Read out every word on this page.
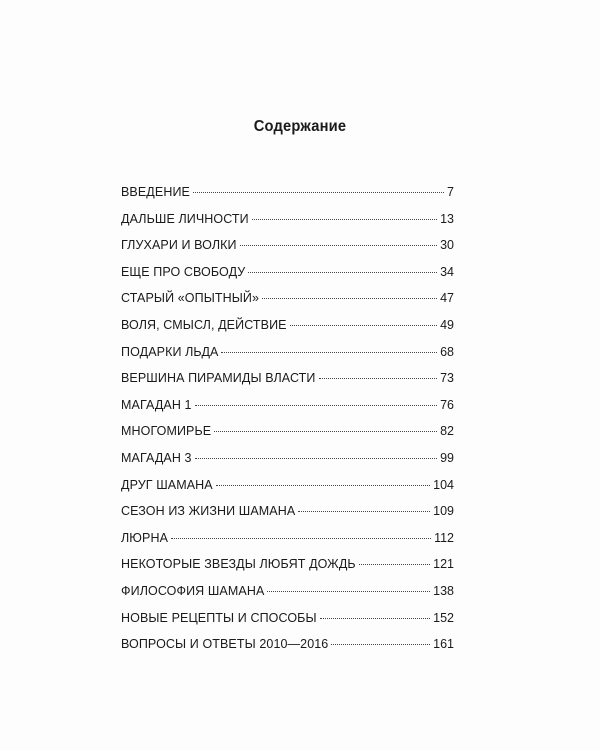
Содержание
ВВЕДЕНИЕ	7
ДАЛЬШЕ ЛИЧНОСТИ	13
ГЛУХАРИ И ВОЛКИ	30
ЕЩЕ ПРО СВОБОДУ	34
СТАРЫЙ «ОПЫТНЫЙ»	47
ВОЛЯ, СМЫСЛ, ДЕЙСТВИЕ	49
ПОДАРКИ ЛЬДА	68
ВЕРШИНА ПИРАМИДЫ ВЛАСТИ	73
МАГАДАН 1	76
МНОГОМИРЬЕ	82
МАГАДАН 3	99
ДРУГ ШАМАНА	104
СЕЗОН ИЗ ЖИЗНИ ШАМАНА	109
ЛЮРНА	112
НЕКОТОРЫЕ ЗВЕЗДЫ ЛЮБЯТ ДОЖДЬ	121
ФИЛОСОФИЯ ШАМАНА	138
НОВЫЕ РЕЦЕПТЫ И СПОСОБЫ	152
ВОПРОСЫ И ОТВЕТЫ 2010—2016	161
